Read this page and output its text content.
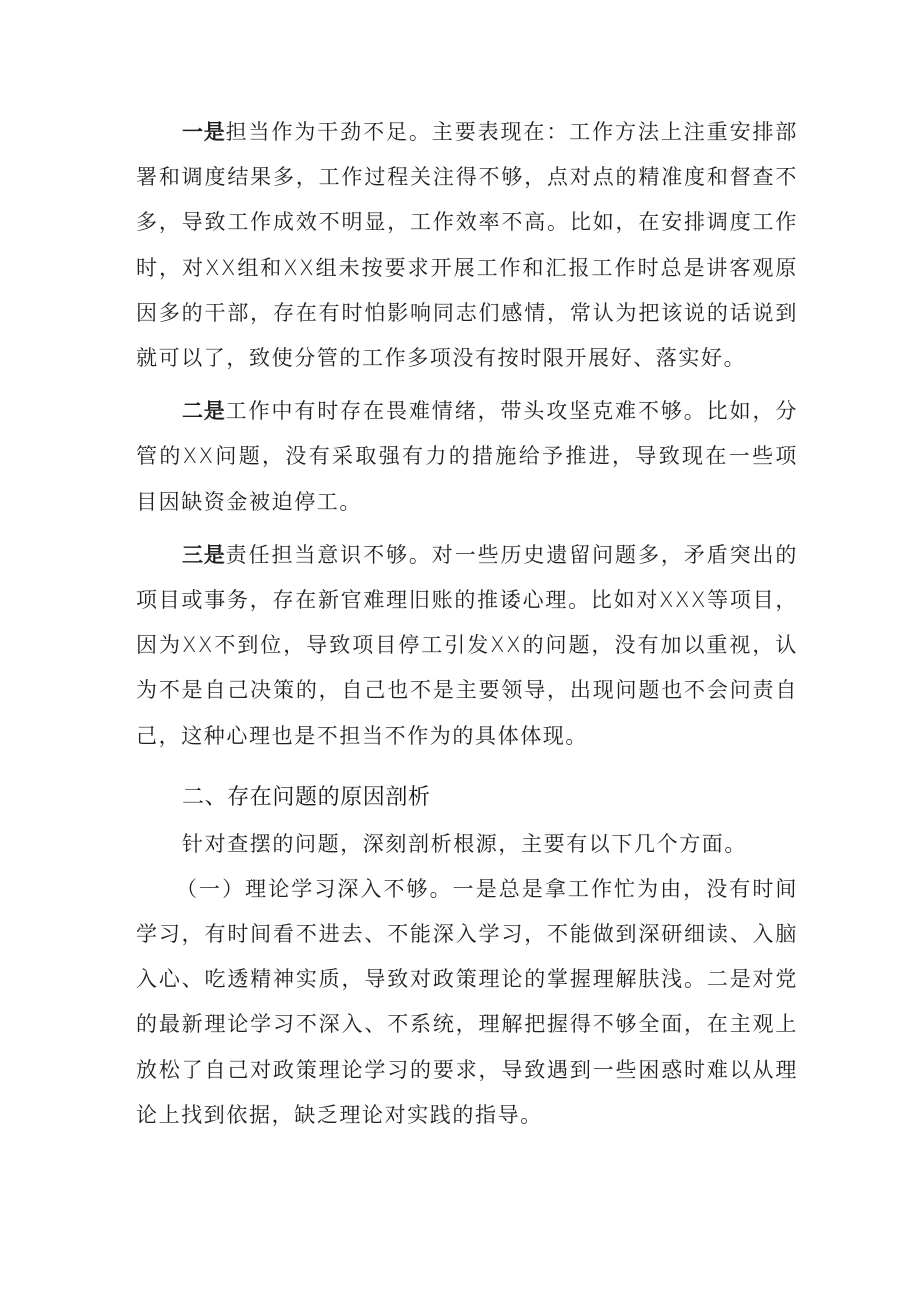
一是担当作为干劲不足。主要表现在：工作方法上注重安排部署和调度结果多，工作过程关注得不够，点对点的精准度和督查不多，导致工作成效不明显，工作效率不高。比如，在安排调度工作时，对XX组和XX组未按要求开展工作和汇报工作时总是讲客观原因多的干部，存在有时怕影响同志们感情，常认为把该说的话说到就可以了，致使分管的工作多项没有按时限开展好、落实好。

二是工作中有时存在畏难情绪，带头攻坚克难不够。比如，分管的XX问题，没有采取强有力的措施给予推进，导致现在一些项目因缺资金被迫停工。

三是责任担当意识不够。对一些历史遗留问题多，矛盾突出的项目或事务，存在新官难理旧账的推诿心理。比如对XXX等项目，因为XX不到位，导致项目停工引发XX的问题，没有加以重视，认为不是自己决策的，自己也不是主要领导，出现问题也不会问责自己，这种心理也是不担当不作为的具体体现。

二、存在问题的原因剖析

针对查摆的问题，深刻剖析根源，主要有以下几个方面。

（一）理论学习深入不够。一是总是拿工作忙为由，没有时间学习，有时间看不进去、不能深入学习，不能做到深研细读、入脑入心、吃透精神实质，导致对政策理论的掌握理解肤浅。二是对党的最新理论学习不深入、不系统，理解把握得不够全面，在主观上放松了自己对政策理论学习的要求，导致遇到一些困惑时难以从理论上找到依据，缺乏理论对实践的指导。
